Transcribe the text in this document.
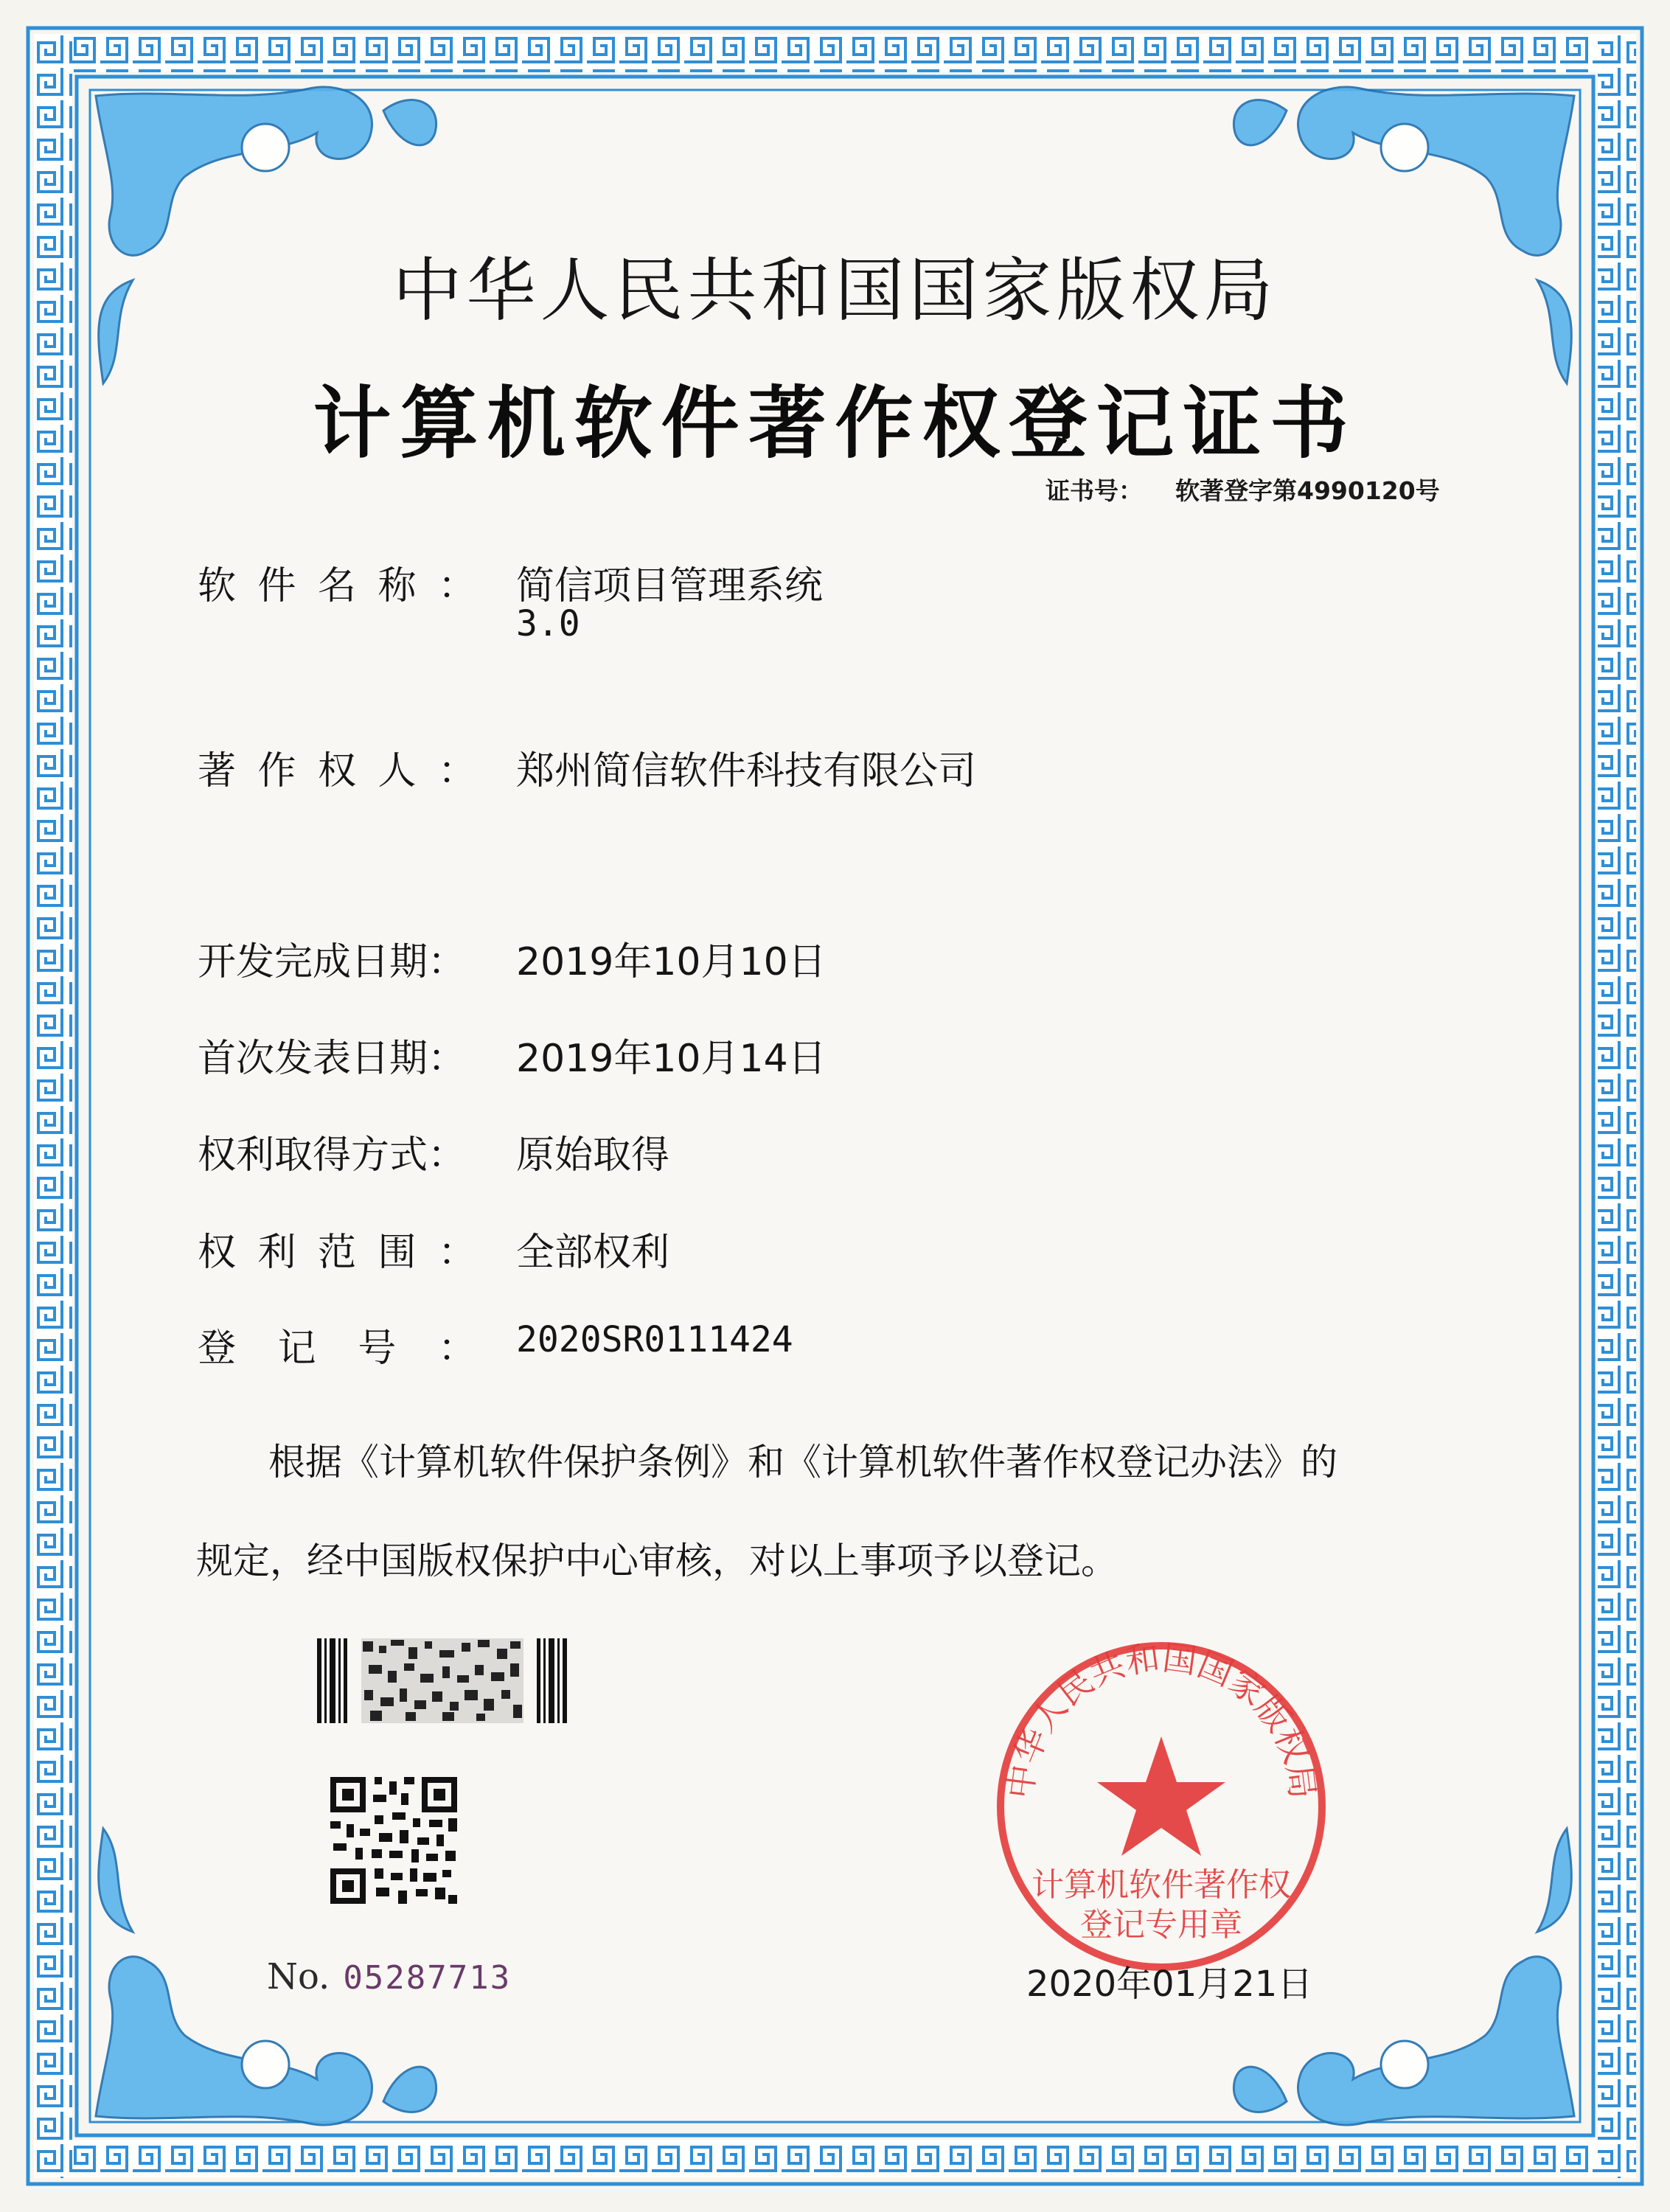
中华人民共和国国家版权局
计算机软件著作权登记证书
证书号： 软著登字第4990120号
软 件 名 称 ： 简信项目管理系统
3.0
著 作 权 人 ： 郑州简信软件科技有限公司
开发完成日期： 2019年10月10日
首次发表日期： 2019年10月14日
权利取得方式： 原始取得
权 利 范 围 ： 全部权利
登 记 号 ： 2020SR0111424
根据《计算机软件保护条例》和《计算机软件著作权登记办法》的
规定，经中国版权保护中心审核，对以上事项予以登记。
中华人民共和国国家版权局
计算机软件著作权
登记专用章
No. 05287713	2020年01月21日
